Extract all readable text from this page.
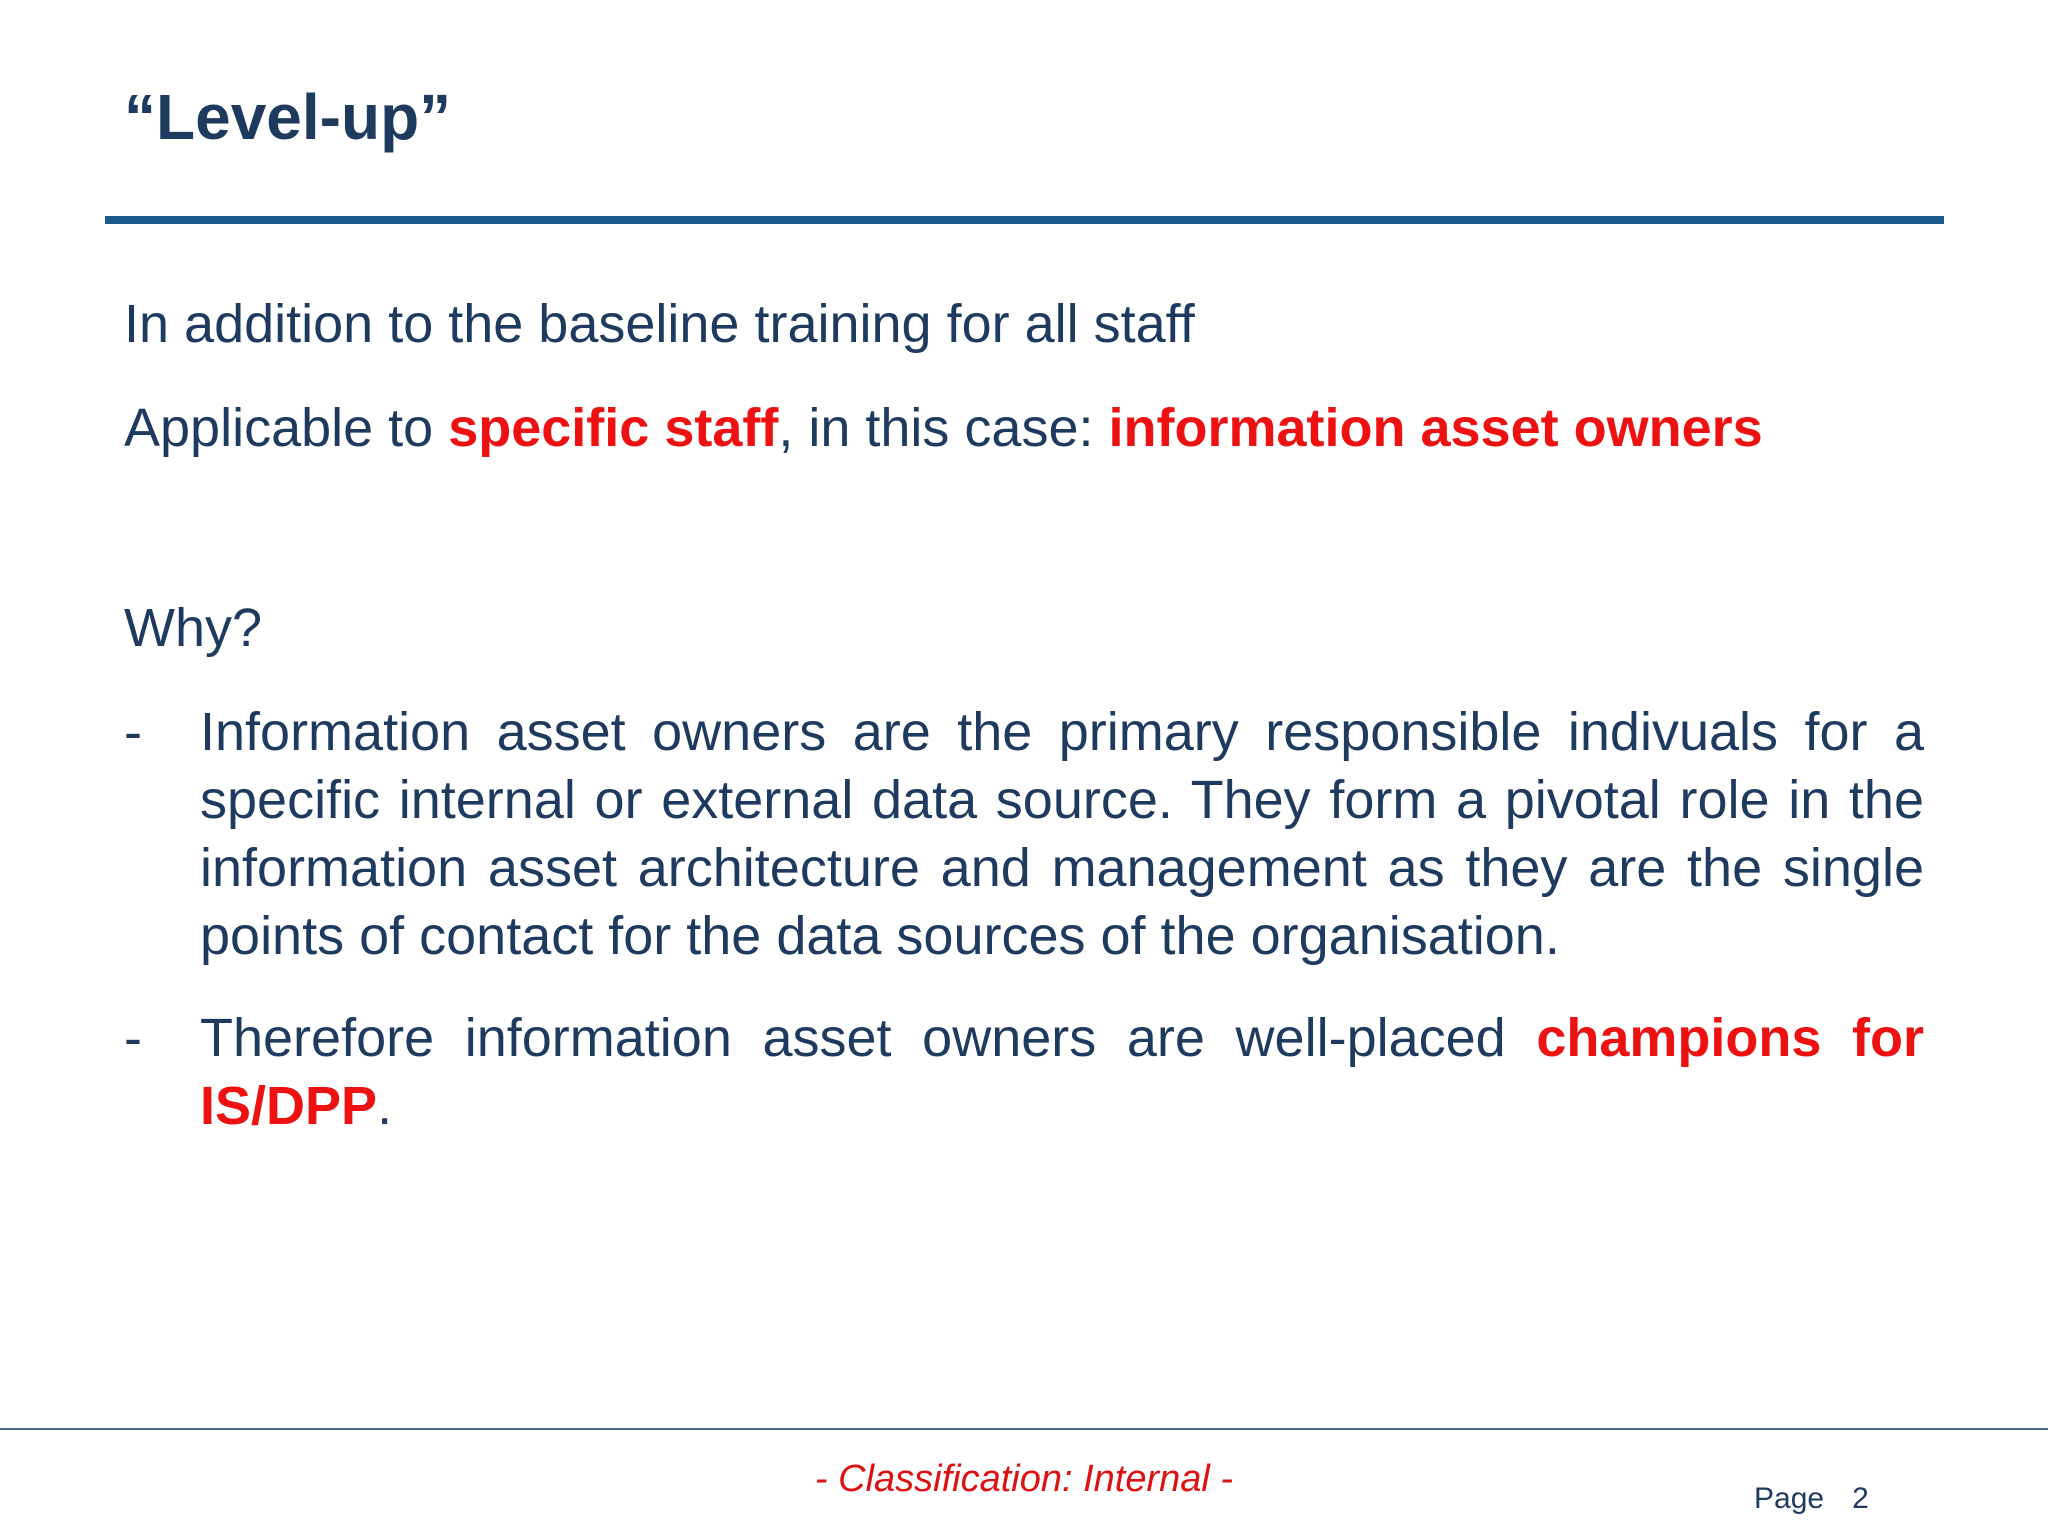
“Level-up”

In addition to the baseline training for all staff

Applicable to specific staff, in this case: information asset owners

Why?

- Information asset owners are the primary responsible indivuals for a specific internal or external data source. They form a pivotal role in the information asset architecture and management as they are the single points of contact for the data sources of the organisation.

- Therefore information asset owners are well-placed champions for IS/DPP.

- Classification: Internal -	Page 2
